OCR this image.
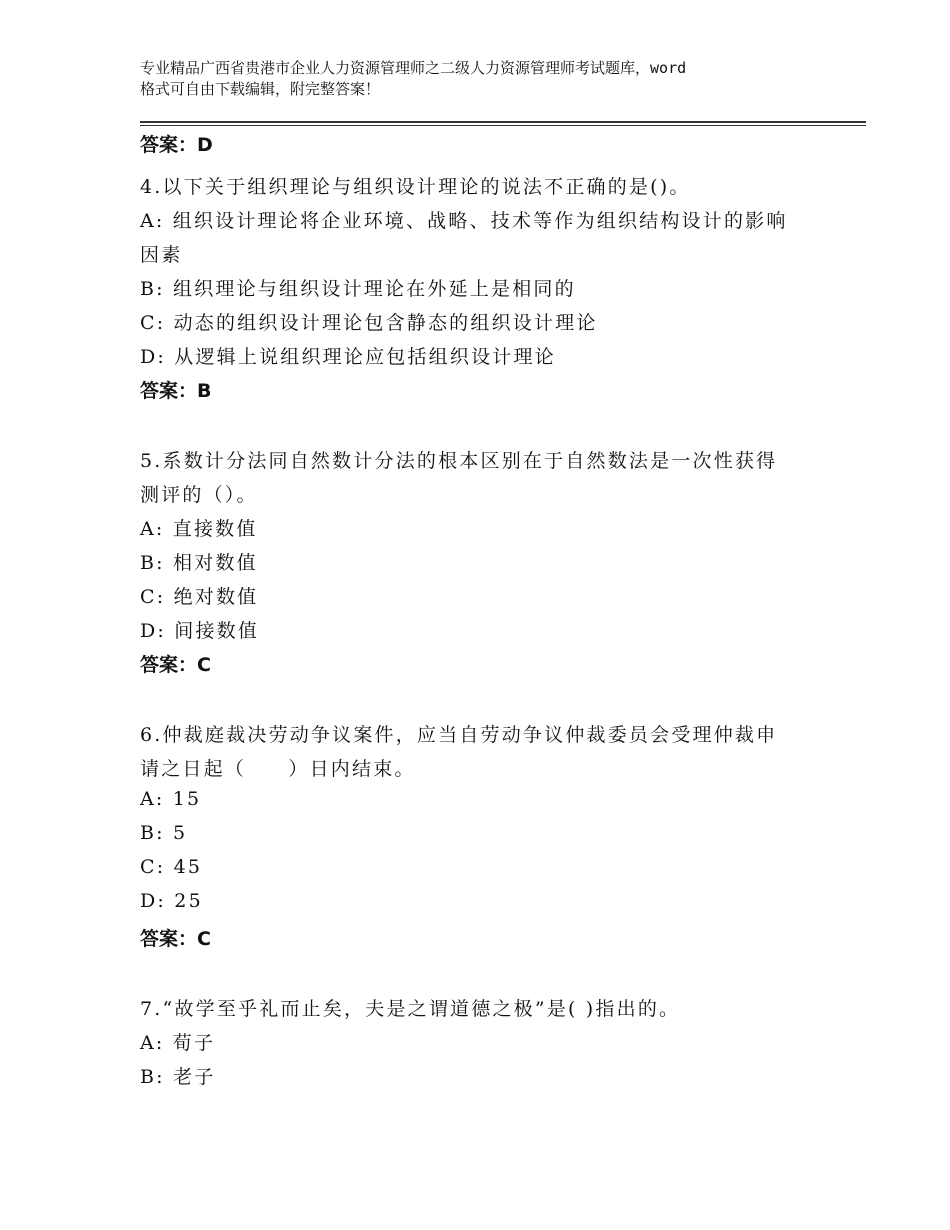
专业精品广西省贵港市企业人力资源管理师之二级人力资源管理师考试题库，word
格式可自由下载编辑，附完整答案！
答案：D
4.以下关于组织理论与组织设计理论的说法不正确的是()。
A: 组织设计理论将企业环境、战略、技术等作为组织结构设计的影响
因素
B: 组织理论与组织设计理论在外延上是相同的
C: 动态的组织设计理论包含静态的组织设计理论
D: 从逻辑上说组织理论应包括组织设计理论
答案：B
5.系数计分法同自然数计分法的根本区别在于自然数法是一次性获得
测评的（）。
A: 直接数值
B: 相对数值
C: 绝对数值
D: 间接数值
答案：C
6.仲裁庭裁决劳动争议案件，应当自劳动争议仲裁委员会受理仲裁申
请之日起（　　）日内结束。
A: 15
B: 5
C: 45
D: 25
答案：C
7.“故学至乎礼而止矣，夫是之谓道德之极”是( )指出的。
A: 荀子
B: 老子
